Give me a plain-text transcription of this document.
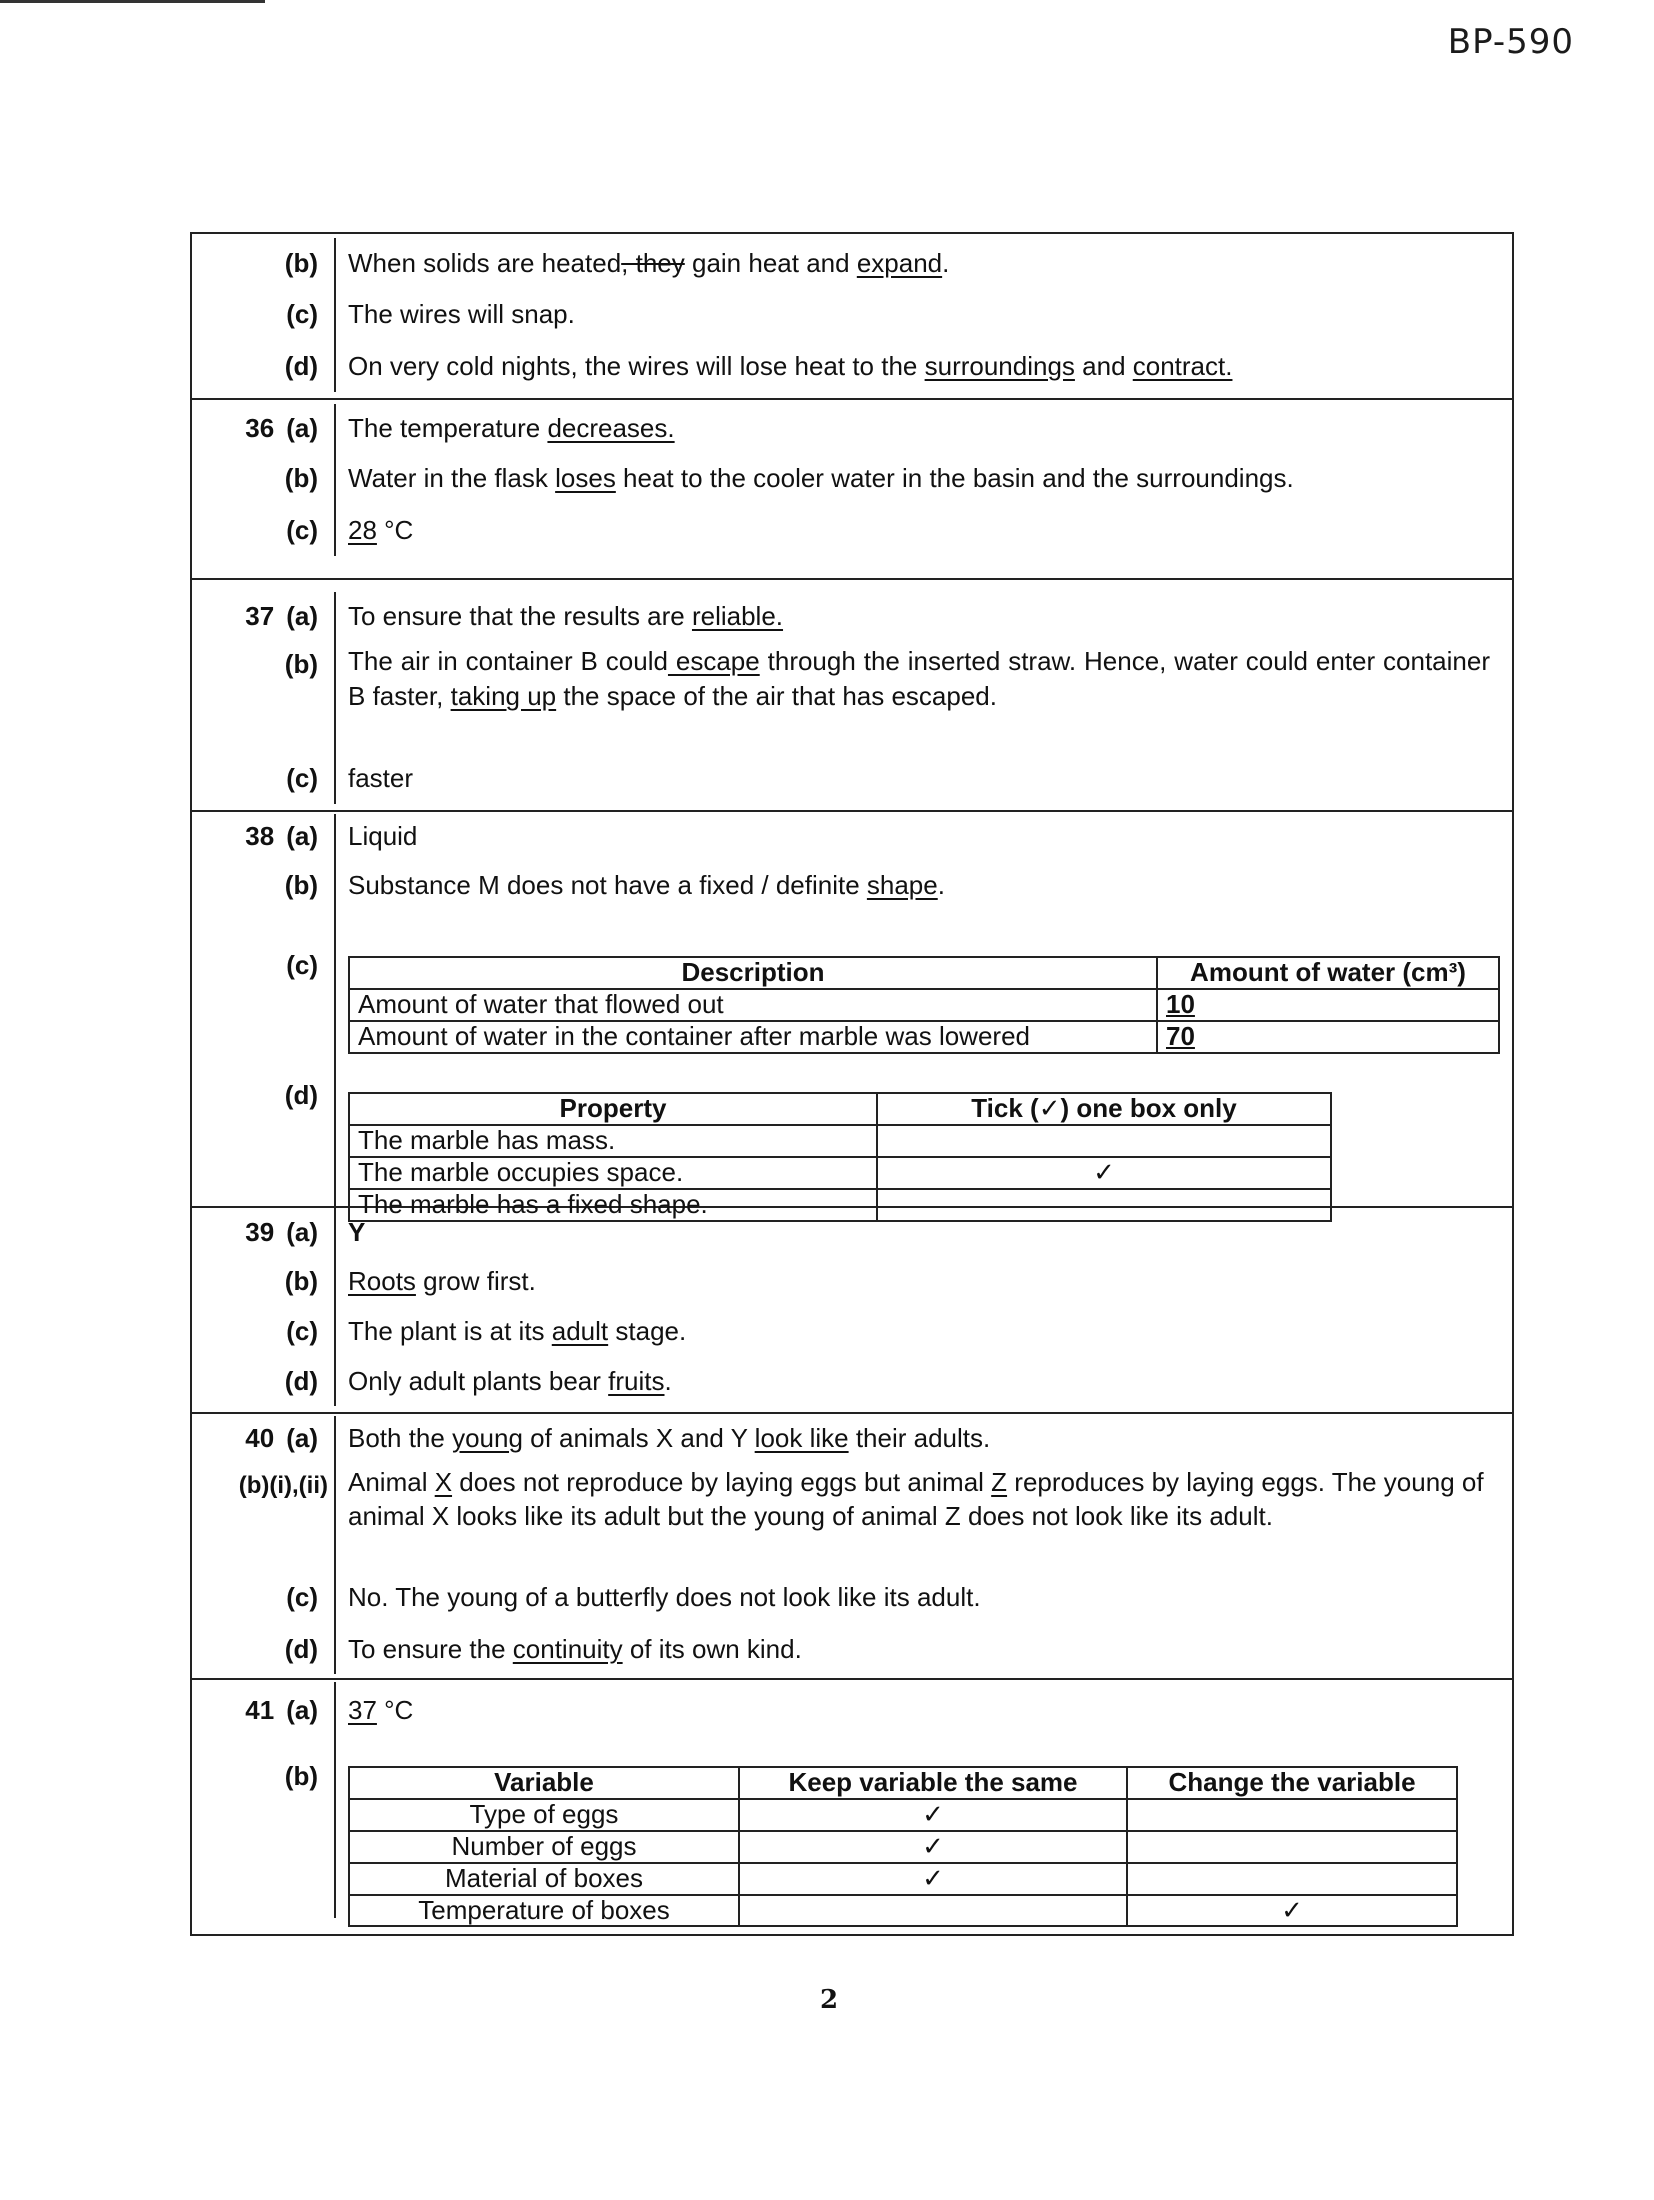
BP-590
(b)	When solids are heated, they gain heat and expand.
(c)	The wires will snap.
(d)	On very cold nights, the wires will lose heat to the surroundings and contract.
36 (a)	The temperature decreases.
(b)	Water in the flask loses heat to the cooler water in the basin and the surroundings.
(c)	28 °C
37 (a)	To ensure that the results are reliable.
(b)	The air in container B could escape through the inserted straw. Hence, water could enter container B faster, taking up the space of the air that has escaped.
(c)	faster
38 (a)	Liquid
(b)	Substance M does not have a fixed / definite shape.
(c)	Description	Amount of water (cm³)
Amount of water that flowed out	10
Amount of water in the container after marble was lowered	70
(d)	Property	Tick (✓) one box only
The marble has mass.	
The marble occupies space.	✓
The marble has a fixed shape.	
39 (a)	Y
(b)	Roots grow first.
(c)	The plant is at its adult stage.
(d)	Only adult plants bear fruits.
40 (a)	Both the young of animals X and Y look like their adults.
(b)(i),(ii) Animal X does not reproduce by laying eggs but animal Z reproduces by laying eggs. The young of animal X looks like its adult but the young of animal Z does not look like its adult.
(c)	No. The young of a butterfly does not look like its adult.
(d)	To ensure the continuity of its own kind.
41 (a)	37 °C
(b)	Variable	Keep variable the same	Change the variable
Type of eggs	✓	
Number of eggs	✓	
Material of boxes	✓	
Temperature of boxes		✓
2
